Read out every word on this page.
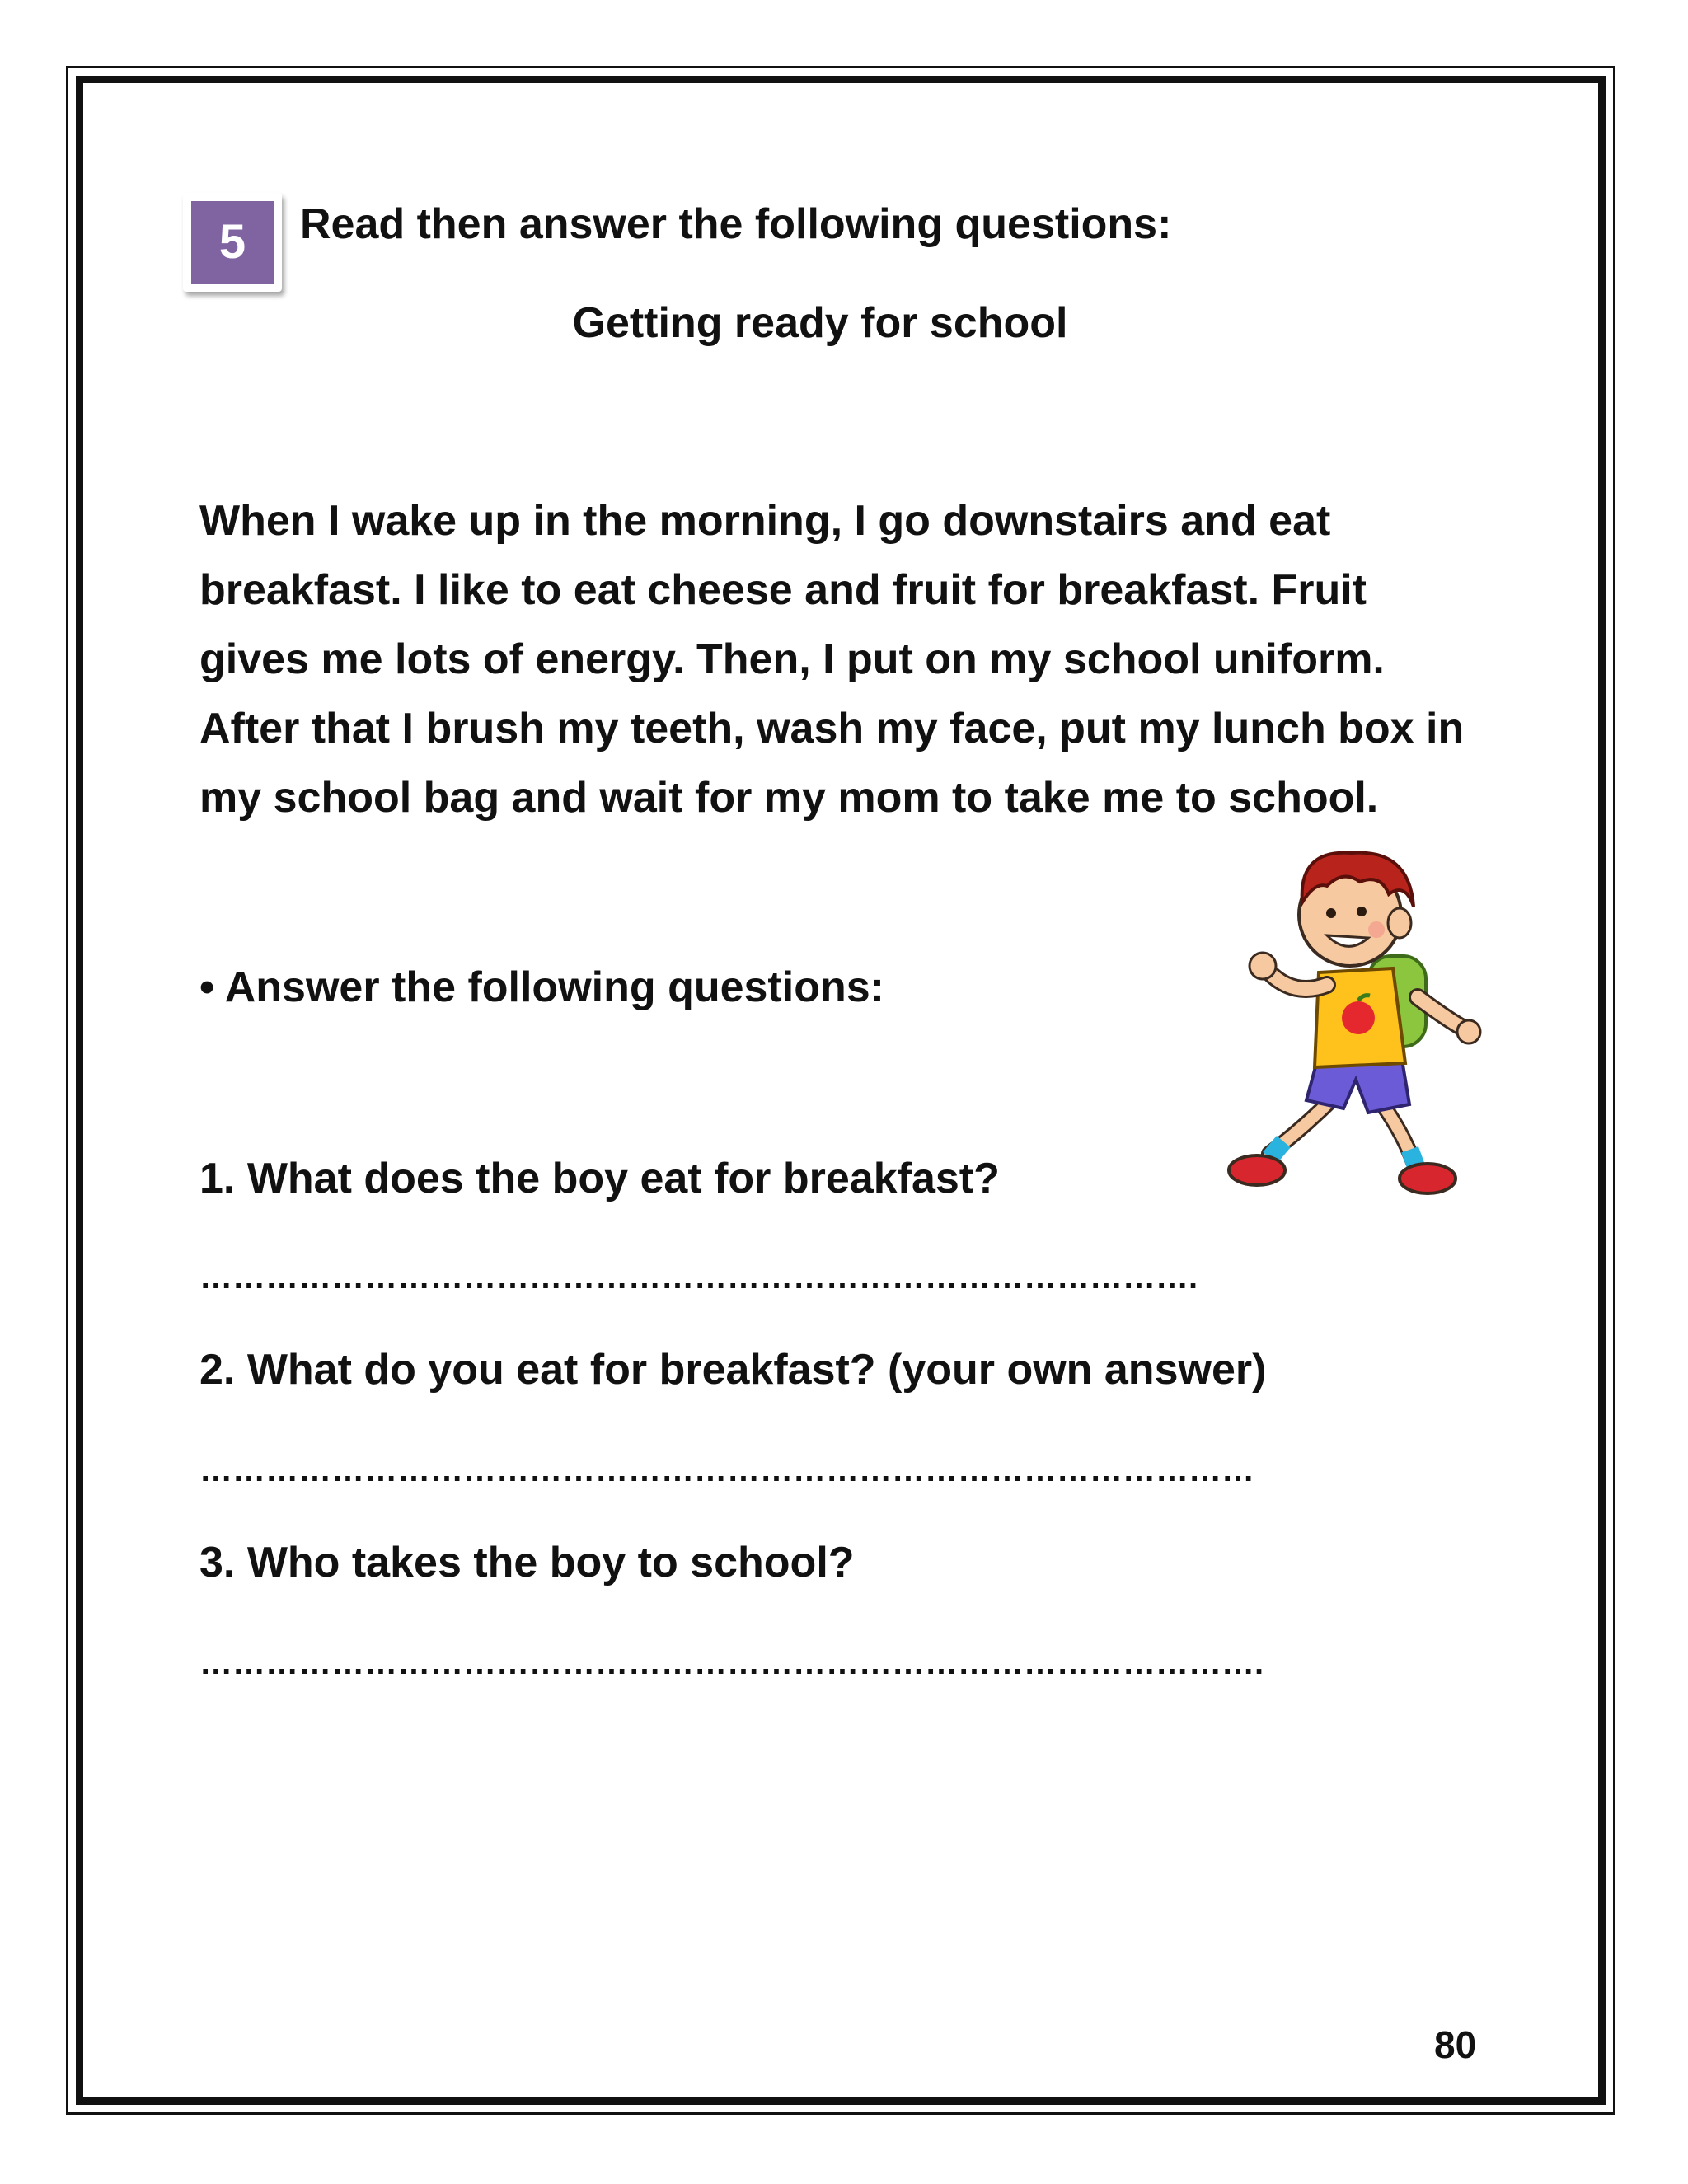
5	Read then answer the following questions:
Getting ready for school
When I wake up in the morning, I go downstairs and eat
breakfast. I like to eat cheese and fruit for breakfast. Fruit
gives me lots of energy. Then, I put on my school uniform.
After that I brush my teeth, wash my face, put my lunch box in
my school bag and wait for my mom to take me to school.
• Answer the following questions:
1. What does the boy eat for breakfast?
……………………………………………………………………………….
2. What do you eat for breakfast? (your own answer)
……………………………………………………………………………………
3. Who takes the boy to school?
…………………………………………………………………………………….
80
